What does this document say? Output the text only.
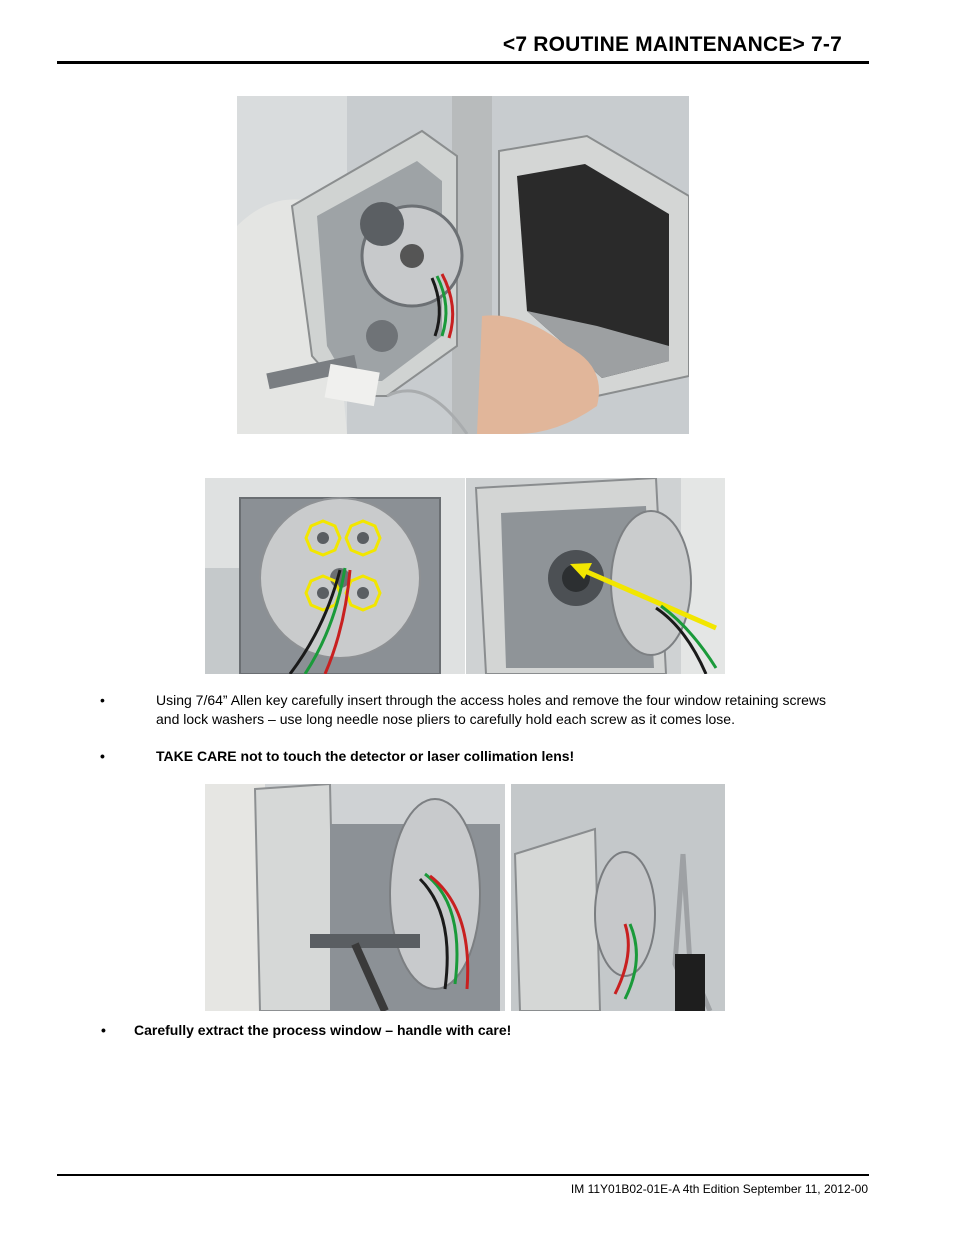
<7 ROUTINE MAINTENANCE> 7-7
•	Using 7/64” Allen key carefully insert through the access holes and remove the four window retaining screws and lock washers – use long needle nose pliers to carefully hold each screw as it comes lose.
•	TAKE CARE not to touch the detector or laser collimation lens!
• Carefully extract the process window – handle with care!
IM 11Y01B02-01E-A 4th Edition September 11, 2012-00
